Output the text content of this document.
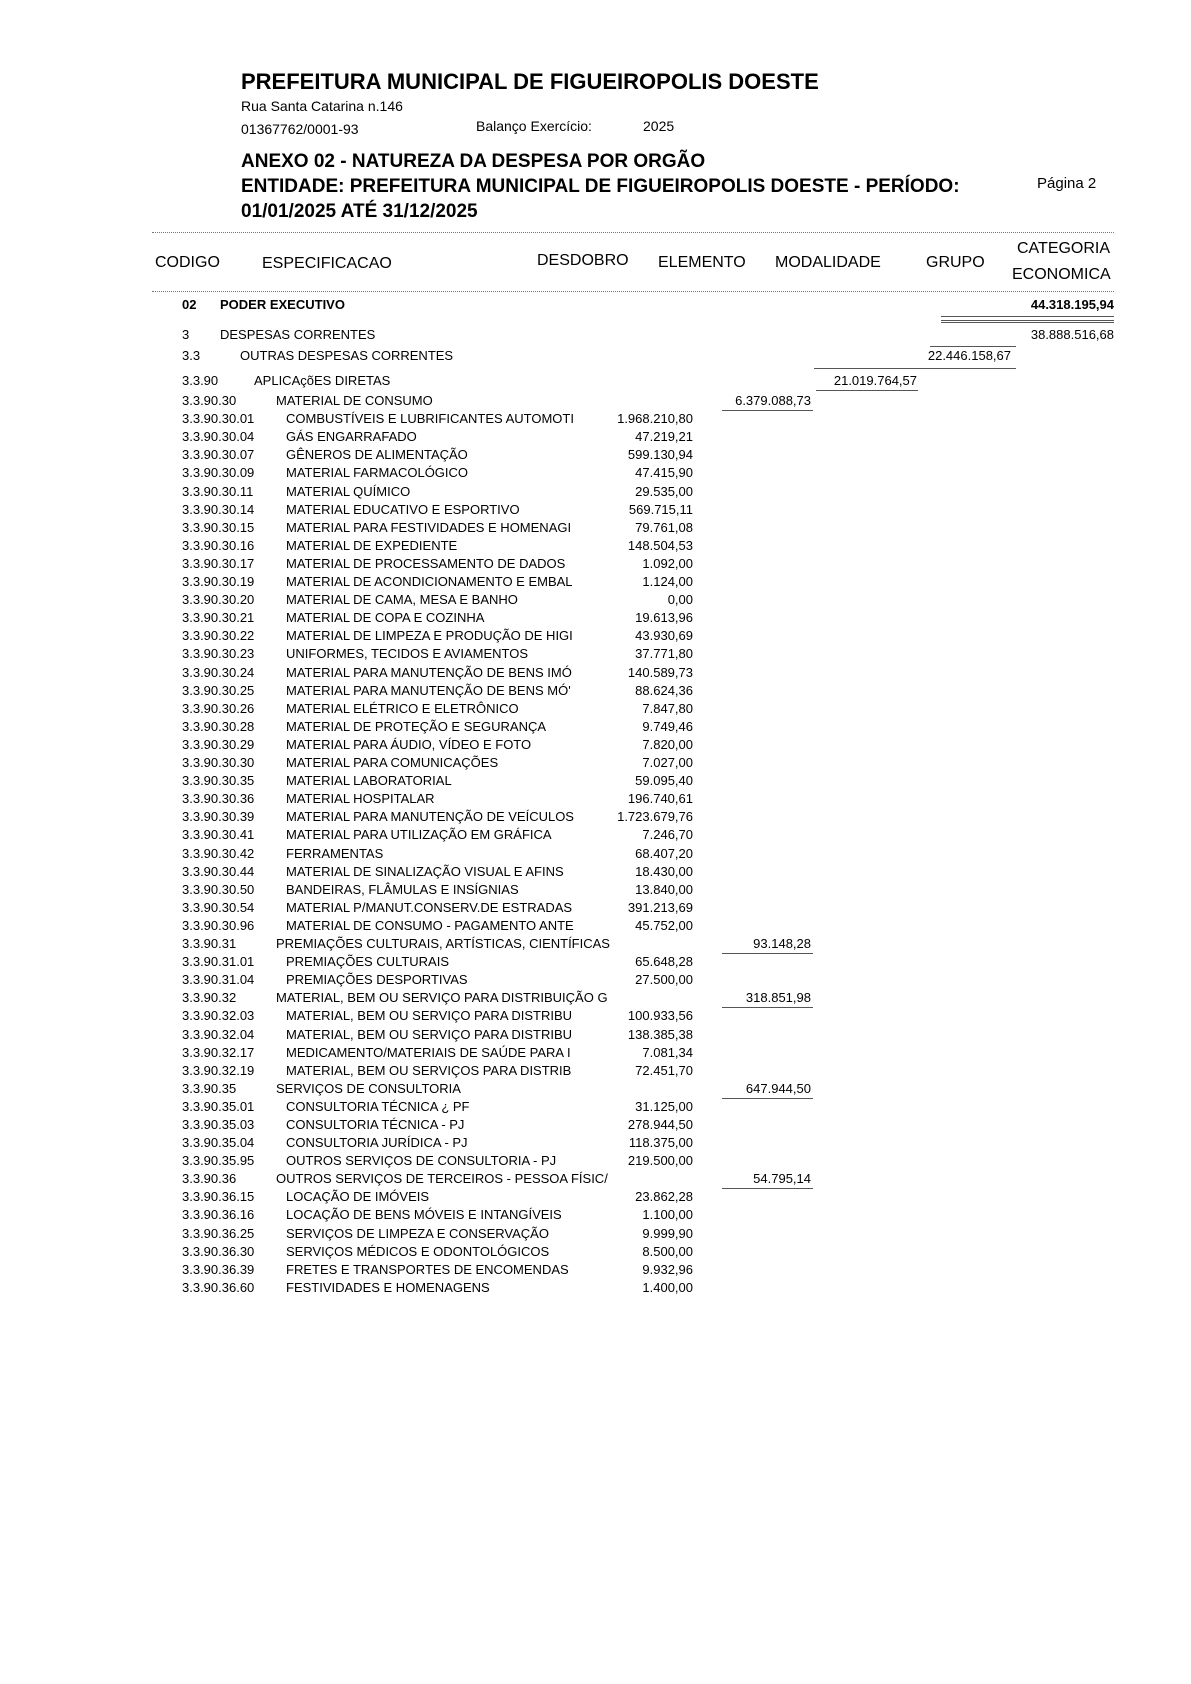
PREFEITURA MUNICIPAL DE FIGUEIROPOLIS DOESTE
Rua Santa Catarina n.146
01367762/0001-93	Balanço Exercício:	2025
ANEXO 02 - NATUREZA DA DESPESA POR ORGÃO
ENTIDADE: PREFEITURA MUNICIPAL DE FIGUEIROPOLIS DOESTE - PERÍODO:
01/01/2025 ATÉ 31/12/2025
Página 2
CODIGO	ESPECIFICACAO	DESDOBRO ELEMENTO MODALIDADE	GRUPO
CATEGORIA
ECONOMICA
02 PODER EXECUTIVO	44.318.195,94
3 DESPESAS CORRENTES	38.888.516,68
3.3	OUTRAS DESPESAS CORRENTES	22.446.158,67
3.3.90	APLICAçõES DIRETAS	21.019.764,57
3.3.90.30	MATERIAL DE CONSUMO	6.379.088,73
3.3.90.30.01 COMBUSTÍVEIS E LUBRIFICANTES AUTOMOTI	1.968.210,80
3.3.90.30.04 GÁS ENGARRAFADO	47.219,21
3.3.90.30.07 GÊNEROS DE ALIMENTAÇÃO	599.130,94
3.3.90.30.09 MATERIAL FARMACOLÓGICO	47.415,90
3.3.90.30.11	MATERIAL QUÍMICO	29.535,00
3.3.90.30.14 MATERIAL EDUCATIVO E ESPORTIVO	569.715,11
3.3.90.30.15 MATERIAL PARA FESTIVIDADES E HOMENAGI	79.761,08
3.3.90.30.16 MATERIAL DE EXPEDIENTE	148.504,53
3.3.90.30.17 MATERIAL DE PROCESSAMENTO DE DADOS	1.092,00
3.3.90.30.19 MATERIAL DE ACONDICIONAMENTO E EMBAL	1.124,00
3.3.90.30.20 MATERIAL DE CAMA, MESA E BANHO	0,00
3.3.90.30.21 MATERIAL DE COPA E COZINHA	19.613,96
3.3.90.30.22 MATERIAL DE LIMPEZA E PRODUÇÃO DE HIGI	43.930,69
3.3.90.30.23 UNIFORMES, TECIDOS E AVIAMENTOS	37.771,80
3.3.90.30.24 MATERIAL PARA MANUTENÇÃO DE BENS IMÓ	140.589,73
3.3.90.30.25 MATERIAL PARA MANUTENÇÃO DE BENS MÓ'	88.624,36
3.3.90.30.26 MATERIAL ELÉTRICO E ELETRÔNICO	7.847,80
3.3.90.30.28 MATERIAL DE PROTEÇÃO E SEGURANÇA	9.749,46
3.3.90.30.29 MATERIAL PARA ÁUDIO, VÍDEO E FOTO	7.820,00
3.3.90.30.30 MATERIAL PARA COMUNICAÇÕES	7.027,00
3.3.90.30.35 MATERIAL LABORATORIAL	59.095,40
3.3.90.30.36 MATERIAL HOSPITALAR	196.740,61
3.3.90.30.39 MATERIAL PARA MANUTENÇÃO DE VEÍCULOS	1.723.679,76
3.3.90.30.41 MATERIAL PARA UTILIZAÇÃO EM GRÁFICA	7.246,70
3.3.90.30.42 FERRAMENTAS	68.407,20
3.3.90.30.44 MATERIAL DE SINALIZAÇÃO VISUAL E AFINS	18.430,00
3.3.90.30.50 BANDEIRAS, FLÂMULAS E INSÍGNIAS	13.840,00
3.3.90.30.54 MATERIAL P/MANUT.CONSERV.DE ESTRADAS	391.213,69
3.3.90.30.96 MATERIAL DE CONSUMO - PAGAMENTO ANTE	45.752,00
3.3.90.31	PREMIAÇÕES CULTURAIS, ARTÍSTICAS, CIENTÍFICAS	93.148,28
3.3.90.31.01 PREMIAÇÕES CULTURAIS	65.648,28
3.3.90.31.04 PREMIAÇÕES DESPORTIVAS	27.500,00
3.3.90.32	MATERIAL, BEM OU SERVIÇO PARA DISTRIBUIÇÃO G	318.851,98
3.3.90.32.03 MATERIAL, BEM OU SERVIÇO PARA DISTRIBU	100.933,56
3.3.90.32.04 MATERIAL, BEM OU SERVIÇO PARA DISTRIBU	138.385,38
3.3.90.32.17 MEDICAMENTO/MATERIAIS DE SAÚDE PARA I	7.081,34
3.3.90.32.19 MATERIAL, BEM OU SERVIÇOS PARA DISTRIB	72.451,70
3.3.90.35	SERVIÇOS DE CONSULTORIA	647.944,50
3.3.90.35.01 CONSULTORIA TÉCNICA ¿ PF	31.125,00
3.3.90.35.03 CONSULTORIA TÉCNICA - PJ	278.944,50
3.3.90.35.04 CONSULTORIA JURÍDICA - PJ	118.375,00
3.3.90.35.95 OUTROS SERVIÇOS DE CONSULTORIA - PJ	219.500,00
3.3.90.36	OUTROS SERVIÇOS DE TERCEIROS - PESSOA FÍSIC/	54.795,14
3.3.90.36.15 LOCAÇÃO DE IMÓVEIS	23.862,28
3.3.90.36.16 LOCAÇÃO DE BENS MÓVEIS E INTANGÍVEIS	1.100,00
3.3.90.36.25 SERVIÇOS DE LIMPEZA E CONSERVAÇÃO	9.999,90
3.3.90.36.30 SERVIÇOS MÉDICOS E ODONTOLÓGICOS	8.500,00
3.3.90.36.39 FRETES E TRANSPORTES DE ENCOMENDAS	9.932,96
3.3.90.36.60 FESTIVIDADES E HOMENAGENS	1.400,00
